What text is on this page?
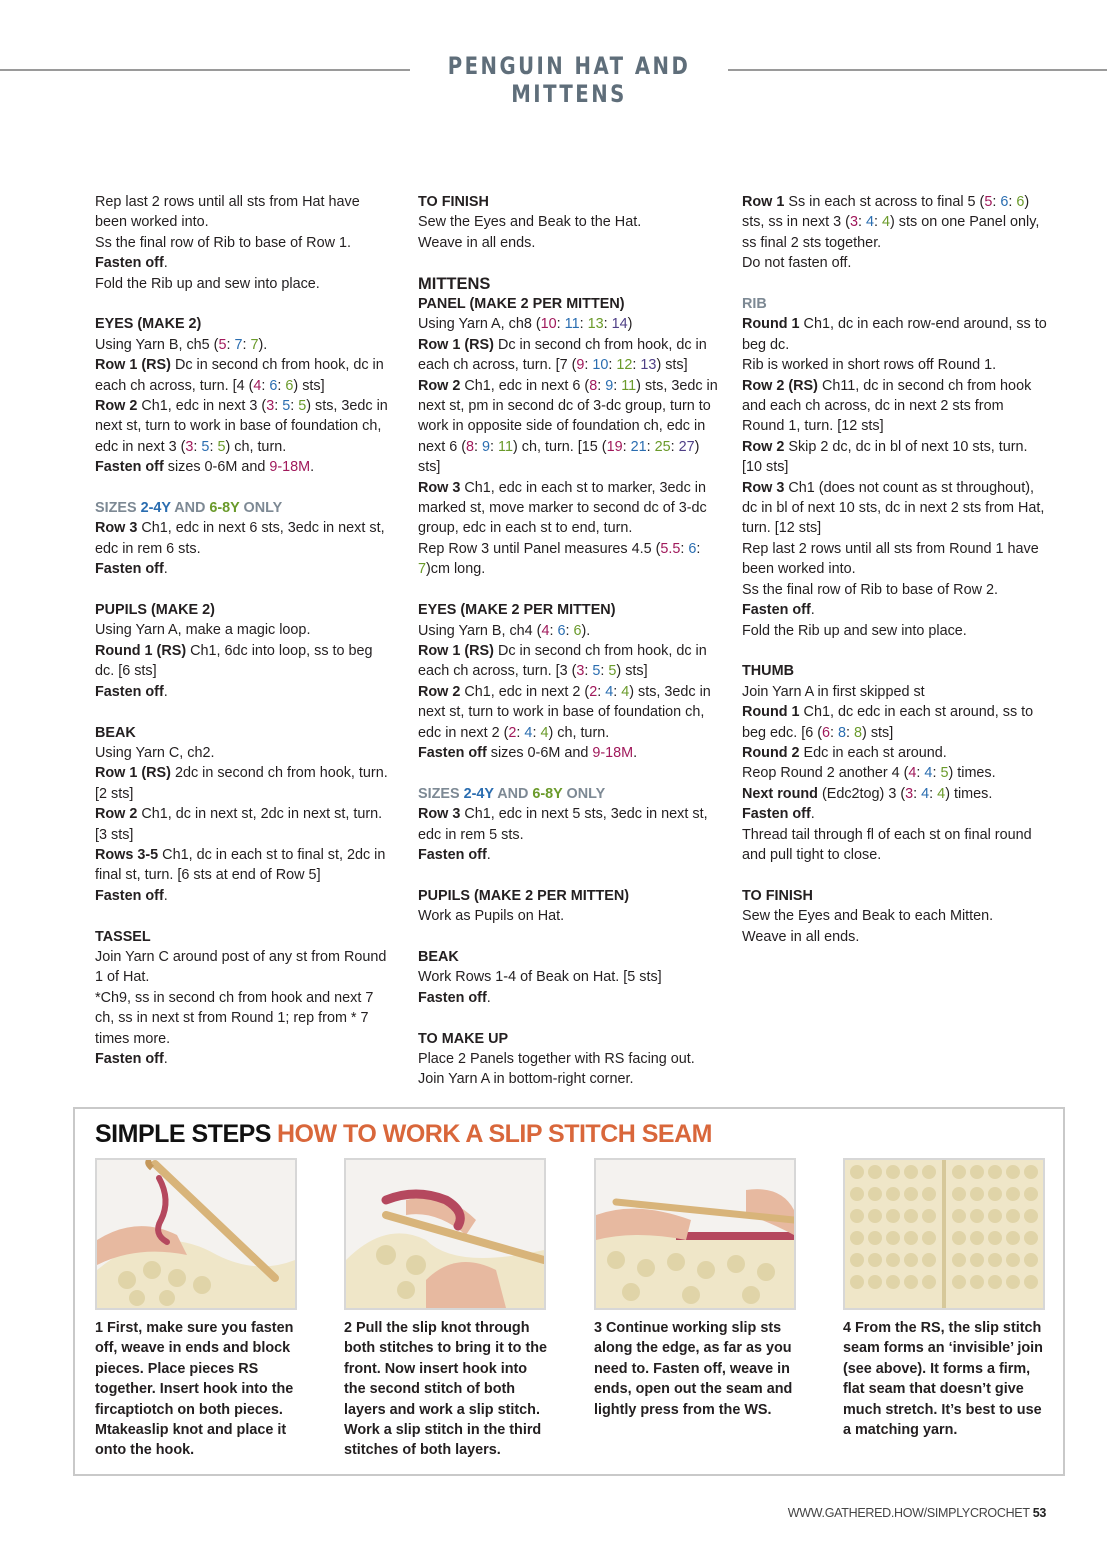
PENGUIN HAT AND MITTENS

Rep last 2 rows until all sts from Hat have been worked into.

Ss the final row of Rib to base of Row 1.

Fasten off.

Fold the Rib up and sew into place.

EYES (MAKE 2)

Using Yarn B, ch5 (5: 7: 7).

Row 1 (RS) Dc in second ch from hook, dc in each ch across, turn. [4 (4: 6: 6) sts]

Row 2 Ch1, edc in next 3 (3: 5: 5) sts, 3edc in next st, turn to work in base of foundation ch, edc in next 3 (3: 5: 5) ch, turn.

Fasten off sizes 0-6M and 9-18M.

SIZES 2-4Y AND 6-8Y ONLY

Row 3 Ch1, edc in next 6 sts, 3edc in next st, edc in rem 6 sts.

Fasten off.

PUPILS (MAKE 2)

Using Yarn A, make a magic loop.

Round 1 (RS) Ch1, 6dc into loop, ss to beg dc. [6 sts]

Fasten off.

BEAK

Using Yarn C, ch2.

Row 1 (RS) 2dc in second ch from hook, turn. [2 sts]

Row 2 Ch1, dc in next st, 2dc in next st, turn. [3 sts]

Rows 3-5 Ch1, dc in each st to final st, 2dc in final st, turn. [6 sts at end of Row 5]

Fasten off.

TASSEL

Join Yarn C around post of any st from Round 1 of Hat.

*Ch9, ss in second ch from hook and next 7 ch, ss in next st from Round 1; rep from * 7 times more.

Fasten off.

TO FINISH

Sew the Eyes and Beak to the Hat.

Weave in all ends.

MITTENS
PANEL (MAKE 2 PER MITTEN)

Using Yarn A, ch8 (10: 11: 13: 14)

Row 1 (RS) Dc in second ch from hook, dc in each ch across, turn. [7 (9: 10: 12: 13) sts]

Row 2 Ch1, edc in next 6 (8: 9: 11) sts, 3edc in next st, pm in second dc of 3-dc group, turn to work in opposite side of foundation ch, edc in next 6 (8: 9: 11) ch, turn. [15 (19: 21: 25: 27) sts]

Row 3 Ch1, edc in each st to marker, 3edc in marked st, move marker to second dc of 3-dc group, edc in each st to end, turn.

Rep Row 3 until Panel measures 4.5 (5.5: 6: 7)cm long.

EYES (MAKE 2 PER MITTEN)

Using Yarn B, ch4 (4: 6: 6).

Row 1 (RS) Dc in second ch from hook, dc in each ch across, turn. [3 (3: 5: 5) sts]

Row 2 Ch1, edc in next 2 (2: 4: 4) sts, 3edc in next st, turn to work in base of foundation ch, edc in next 2 (2: 4: 4) ch, turn.

Fasten off sizes 0-6M and 9-18M.

SIZES 2-4Y AND 6-8Y ONLY

Row 3 Ch1, edc in next 5 sts, 3edc in next st, edc in rem 5 sts.

Fasten off.

PUPILS (MAKE 2 PER MITTEN)

Work as Pupils on Hat.

BEAK

Work Rows 1-4 of Beak on Hat. [5 sts]

Fasten off.

TO MAKE UP

Place 2 Panels together with RS facing out.

Join Yarn A in bottom-right corner.

Row 1 Ss in each st across to final 5 (5: 6: 6) sts, ss in next 3 (3: 4: 4) sts on one Panel only, ss final 2 sts together.

Do not fasten off.

RIB

Round 1 Ch1, dc in each row-end around, ss to beg dc.

Rib is worked in short rows off Round 1.

Row 2 (RS) Ch11, dc in second ch from hook and each ch across, dc in next 2 sts from Round 1, turn. [12 sts]

Row 2 Skip 2 dc, dc in bl of next 10 sts, turn. [10 sts]

Row 3 Ch1 (does not count as st throughout), dc in bl of next 10 sts, dc in next 2 sts from Hat, turn. [12 sts]

Rep last 2 rows until all sts from Round 1 have been worked into.

Ss the final row of Rib to base of Row 2.

Fasten off.

Fold the Rib up and sew into place.

THUMB

Join Yarn A in first skipped st

Round 1 Ch1, dc edc in each st around, ss to beg edc. [6 (6: 8: 8) sts]

Round 2 Edc in each st around.

Reop Round 2 another 4 (4: 4: 5) times.

Next round (Edc2tog) 3 (3: 4: 4) times.

Fasten off.

Thread tail through fl of each st on final round and pull tight to close.

TO FINISH

Sew the Eyes and Beak to each Mitten.

Weave in all ends.

SIMPLE STEPS HOW TO WORK A SLIP STITCH SEAM
1 First, make sure you fasten off, weave in ends and block pieces. Place pieces RS together. Insert hook into the fircaptiotch on both pieces. Mtakeaslip knot and place it onto the hook.
2 Pull the slip knot through both stitches to bring it to the front. Now insert hook into the second stitch of both layers and work a slip stitch. Work a slip stitch in the third stitches of both layers.
3 Continue working slip sts along the edge, as far as you need to. Fasten off, weave in ends, open out the seam and lightly press from the WS.
4 From the RS, the slip stitch seam forms an ‘invisible’ join (see above). It forms a firm, flat seam that doesn’t give much stretch. It’s best to use a matching yarn.
WWW.GATHERED.HOW/SIMPLYCROCHET 53
